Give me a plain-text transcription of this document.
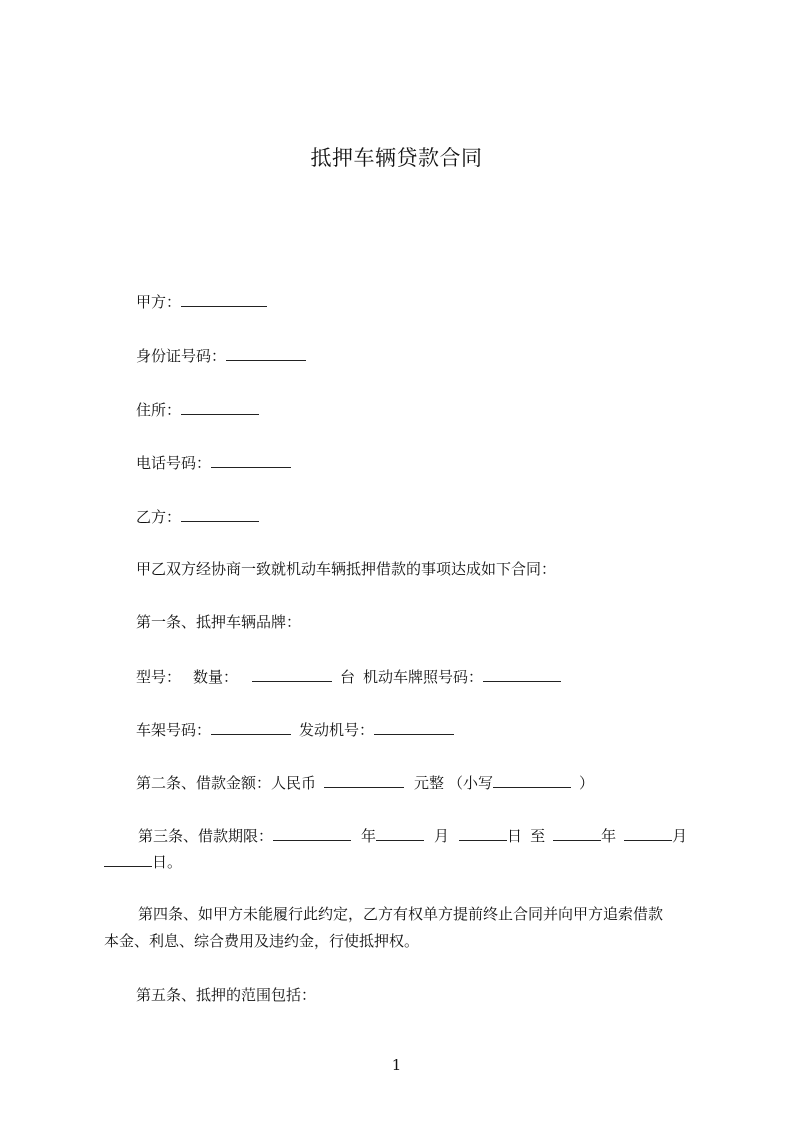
抵押车辆贷款合同
甲方：
身份证号码：
住所：
电话号码：
乙方：
甲乙双方经协商一致就机动车辆抵押借款的事项达成如下合同：
第一条、抵押车辆品牌：
型号： 数量：	台 机动车牌照号码：
车架号码：	发动机号：
第二条、借款金额：人民币	元整 （小写	）
第三条、借款期限：	年	月	日 至	年	月
日。
第四条、如甲方未能履行此约定，乙方有权单方提前终止合同并向甲方追索借款
本金、利息、综合费用及违约金，行使抵押权。
第五条、抵押的范围包括：
1
